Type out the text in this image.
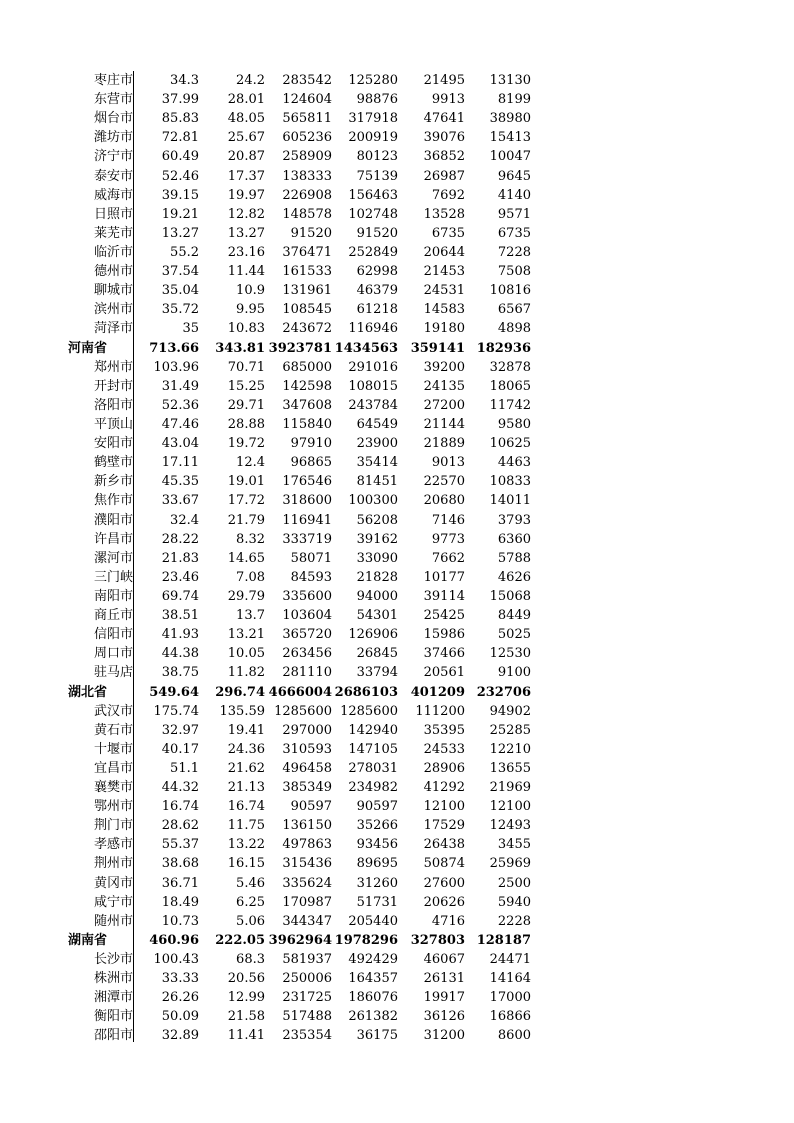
枣庄市	34.3	24.2	283542	125280	21495	13130
东营市	37.99	28.01	124604	98876	9913	8199
烟台市	85.83	48.05	565811	317918	47641	38980
潍坊市	72.81	25.67	605236	200919	39076	15413
济宁市	60.49	20.87	258909	80123	36852	10047
泰安市	52.46	17.37	138333	75139	26987	9645
威海市	39.15	19.97	226908	156463	7692	4140
日照市	19.21	12.82	148578	102748	13528	9571
莱芜市	13.27	13.27	91520	91520	6735	6735
临沂市	55.2	23.16	376471	252849	20644	7228
德州市	37.54	11.44	161533	62998	21453	7508
聊城市	35.04	10.9	131961	46379	24531	10816
滨州市	35.72	9.95	108545	61218	14583	6567
菏泽市	35	10.83	243672	116946	19180	4898
河南省	713.66	343.81 3923781 1434563 359141 182936
郑州市	103.96	70.71	685000	291016	39200	32878
开封市	31.49	15.25	142598	108015	24135	18065
洛阳市	52.36	29.71	347608	243784	27200	11742
平顶山	47.46	28.88	115840	64549	21144	9580
安阳市	43.04	19.72	97910	23900	21889	10625
鹤壁市	17.11	12.4	96865	35414	9013	4463
新乡市	45.35	19.01	176546	81451	22570	10833
焦作市	33.67	17.72	318600	100300	20680	14011
濮阳市	32.4	21.79	116941	56208	7146	3793
许昌市	28.22	8.32	333719	39162	9773	6360
漯河市	21.83	14.65	58071	33090	7662	5788
三门峡	23.46	7.08	84593	21828	10177	4626
南阳市	69.74	29.79	335600	94000	39114	15068
商丘市	38.51	13.7	103604	54301	25425	8449
信阳市	41.93	13.21	365720	126906	15986	5025
周口市	44.38	10.05	263456	26845	37466	12530
驻马店	38.75	11.82	281110	33794	20561	9100
湖北省	549.64	296.74 4666004 2686103 401209 232706
武汉市	175.74	135.59 1285600 1285600	111200	94902
黄石市	32.97	19.41	297000	142940	35395	25285
十堰市	40.17	24.36	310593	147105	24533	12210
宜昌市	51.1	21.62	496458	278031	28906	13655
襄樊市	44.32	21.13	385349	234982	41292	21969
鄂州市	16.74	16.74	90597	90597	12100	12100
荆门市	28.62	11.75	136150	35266	17529	12493
孝感市	55.37	13.22	497863	93456	26438	3455
荆州市	38.68	16.15	315436	89695	50874	25969
黄冈市	36.71	5.46	335624	31260	27600	2500
咸宁市	18.49	6.25	170987	51731	20626	5940
随州市	10.73	5.06	344347	205440	4716	2228
湖南省	460.96	222.05 3962964 1978296 327803 128187
长沙市	100.43	68.3	581937	492429	46067	24471
株洲市	33.33	20.56	250006	164357	26131	14164
湘潭市	26.26	12.99	231725	186076	19917	17000
衡阳市	50.09	21.58	517488	261382	36126	16866
邵阳市	32.89	11.41	235354	36175	31200	8600
